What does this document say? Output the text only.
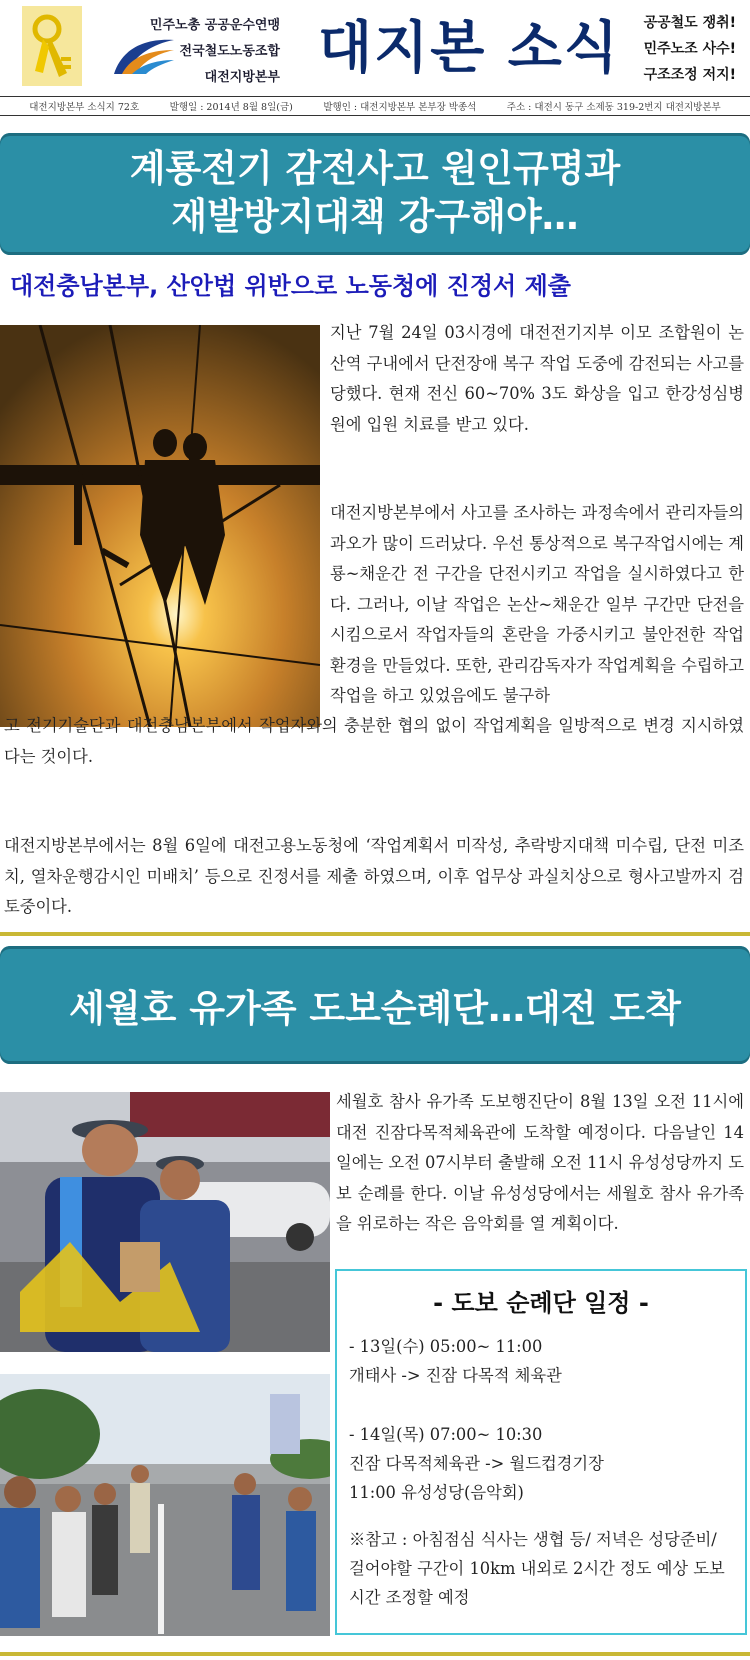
민주노총 공공운수연맹
전국철도노동조합
대전지방본부 대지본 소식 공공철도 쟁취!
민주노조 사수!
구조조정 저지!
대전지방본부 소식지 72호	발행일 : 2014년 8월 8일(금)	발행인 : 대전지방본부 본부장 박종석	주소 : 대전시 동구 소제동 319-2번지 대전지방본부
계룡전기 감전사고 원인규명과
재발방지대책 강구해야…
대전충남본부, 산안법 위반으로 노동청에 진정서 제출

지난 7월 24일 03시경에 대전전기지부 이모 조합원이 논산역 구내에서 단전장애 복구 작업 도중에 감전되는 사고를 당했다. 현재 전신 60~70% 3도 화상을 입고 한강성심병원에 입원 치료를 받고 있다.

대전지방본부에서 사고를 조사하는 과정속에서 관리자들의 과오가 많이 드러났다. 우선 통상적으로 복구작업시에는 계룡~채운간 전 구간을 단전시키고 작업을 실시하였다고 한다. 그러나, 이날 작업은 논산~채운간 일부 구간만 단전을 시킴으로서 작업자들의 혼란을 가중시키고 불안전한 작업환경을 만들었다. 또한, 관리감독자가 작업계획을 수립하고 작업을 하고 있었음에도 불구하

고 전기기술단과 대전충남본부에서 작업자와의 충분한 협의 없이 작업계획을 일방적으로 변경 지시하였다는 것이다.

대전지방본부에서는 8월 6일에 대전고용노동청에 ‘작업계획서 미작성, 추락방지대책 미수립, 단전 미조치, 열차운행감시인 미배치’ 등으로 진정서를 제출 하였으며, 이후 업무상 과실치상으로 형사고발까지 검토중이다.

세월호 유가족 도보순례단…대전 도착

세월호 참사 유가족 도보행진단이 8월 13일 오전 11시에 대전 진잠다목적체육관에 도착할 예정이다. 다음날인 14일에는 오전 07시부터 출발해 오전 11시 유성성당까지 도보 순례를 한다. 이날 유성성당에서는 세월호 참사 유가족을 위로하는 작은 음악회를 열 계획이다.

- 도보 순례단 일정 -
- 13일(수) 05:00~ 11:00
개태사 -> 진잠 다목적 체육관
- 14일(목) 07:00~ 10:30
진잠 다목적체육관 -> 월드컵경기장
11:00 유성성당(음악회)
※참고 : 아침점심 식사는 생협 등/ 저녁은 성당준비/ 걸어야할 구간이 10km 내외로 2시간 정도 예상 도보시간 조정할 예정
